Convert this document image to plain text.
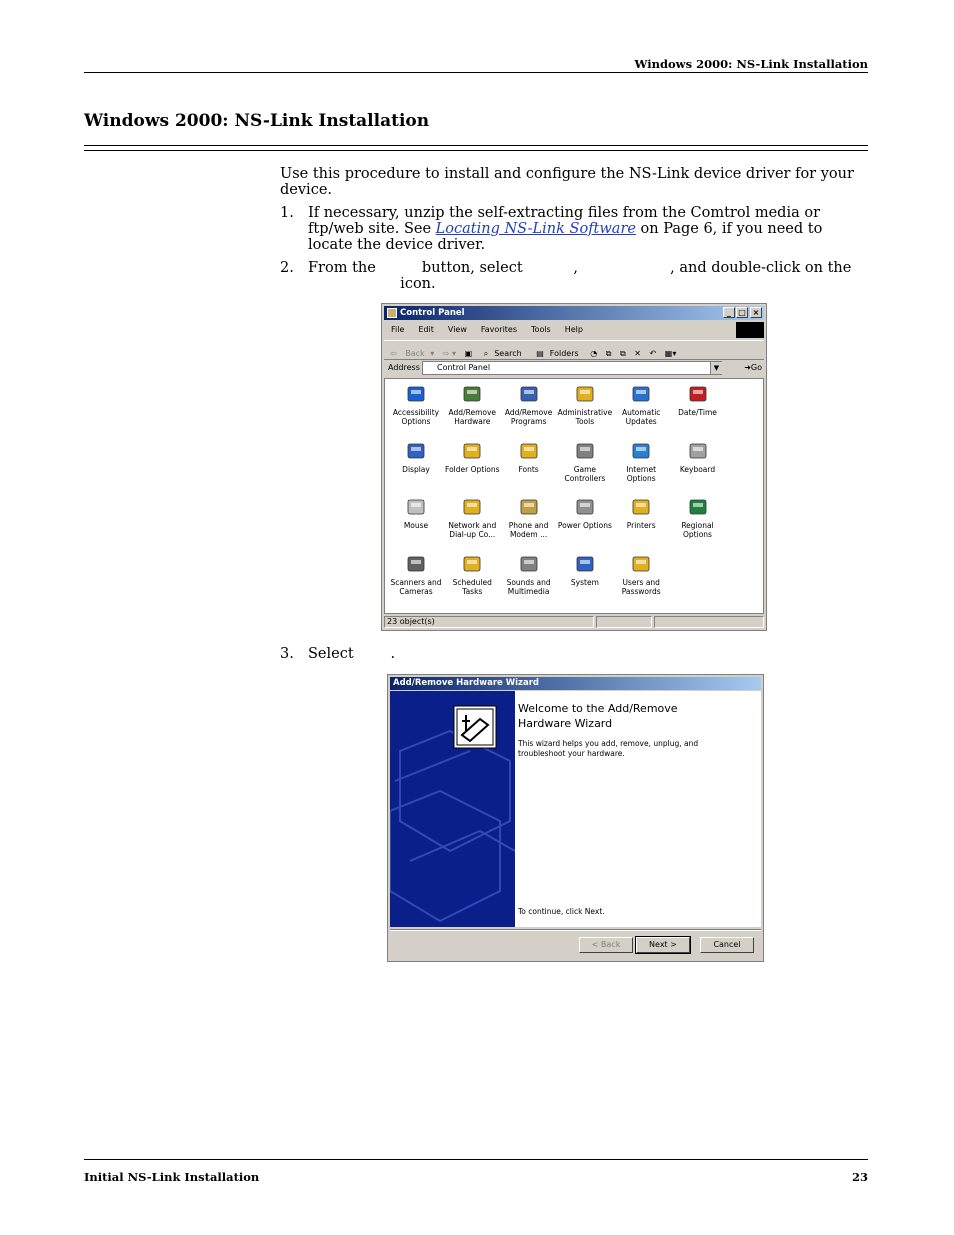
Windows 2000: NS-Link Installation
Windows 2000: NS-Link Installation
Use this procedure to install and configure the NS-Link device driver for your device.
1. If necessary, unzip the self-extracting files from the Comtrol media or ftp/web site. See Locating NS-Link Software on Page 6, if you need to locate the device driver.
2. From the          button, select           ,                    , and double-click on the
icon.
Control Panel	_ □ ×
File Edit View Favorites Tools Help
⇦ Back ▾ ⇨ ▾ ▣ ⌕ Search ▤ Folders ◔ ⧉ ⧉ ✕ ↶ ▦▾
Address	Control Panel	▼	➜Go
Accessibility Options
Add/Remove Hardware
Add/Remove Programs
Administrative Tools
Automatic Updates
Date/Time
Display	Folder Options	Fonts	Game Controllers
Internet Options
Keyboard
Mouse	Network and Dial-up Co...
Phone and Modem ...
Power Options	Printers	Regional Options
Scanners and Cameras
Scheduled Tasks
Sounds and Multimedia
System	Users and Passwords
23 object(s)
3. Select        .
Add/Remove Hardware Wizard
Welcome to the Add/Remove
Hardware Wizard
This wizard helps you add, remove, unplug, and troubleshoot your hardware.
To continue, click Next.
< Back	Next >	Cancel
Initial NS-Link Installation	23
